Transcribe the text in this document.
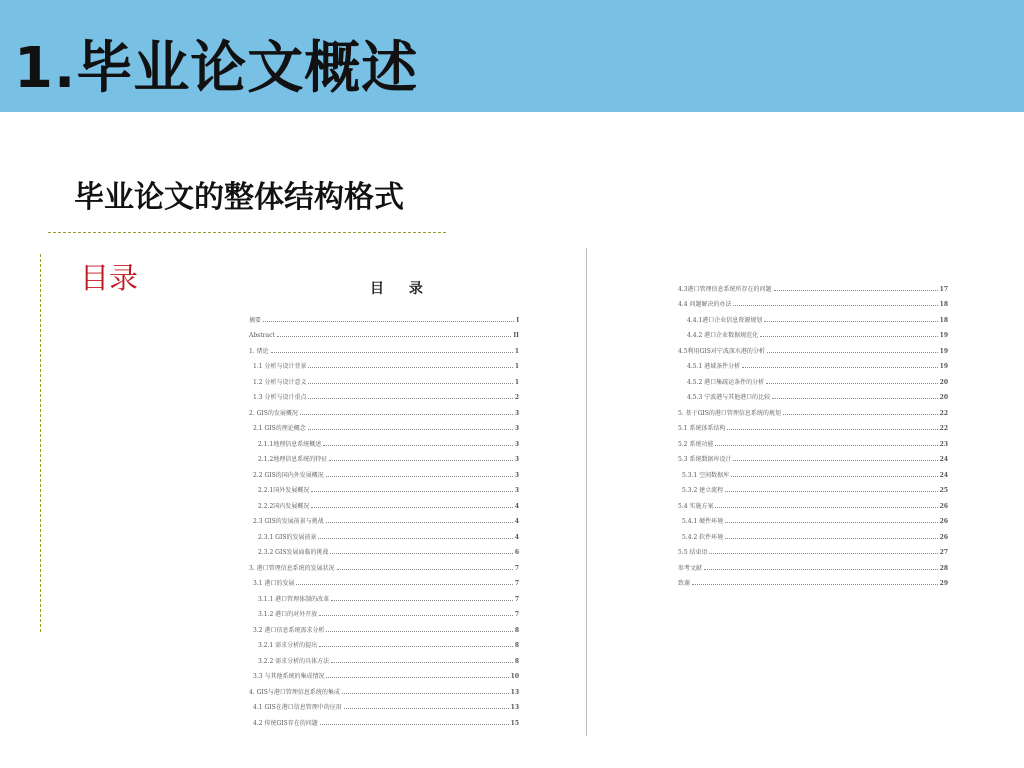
1.毕业论文概述
毕业论文的整体结构格式
目录	目 录
摘要	I
Abstract	II
1. 绪论	1
1.1 分析与设计背景	1
1.2 分析与设计意义	1
1.3 分析与设计重点	2
2. GIS的发展概况	3
2.1 GIS的理论概念	3
2.1.1地理信息系统概述	3
2.1.2地理信息系统的特征	3
2.2 GIS的国内外发展概况	3
2.2.1国外发展概况	3
2.2.2国内发展概况	4
2.3 GIS的发展前景与挑战	4
2.3.1 GIS的发展前景	4
2.3.2 GIS发展面临的挑战	6
3. 港口管理信息系统的发展状况	7
3.1 港口的发展	7
3.1.1 港口管理体制的改革	7
3.1.2 港口的对外开放	7
3.2 港口信息系统需求分析	8
3.2.1 需求分析的提出	8
3.2.2 需求分析的具体方法	8
3.3 与其他系统的集成情况	10
4. GIS与港口管理信息系统的集成	13
4.1 GIS在港口信息管理中的应用	13
4.2 传统GIS存在的问题	15
4.3港口管理信息系统所存在的问题	17
4.4 问题解决的办法	18
4.4.1港口企业信息资源规划	18
4.4.2 港口企业数据规范化	19
4.5利用GIS对宁波深水港的分析	19
4.5.1 港域条件分析	19
4.5.2 港口集疏运条件的分析	20
4.5.3 宁波港与其他港口的比较	20
5. 基于GIS的港口管理信息系统的规划	22
5.1 系统体系结构	22
5.2 系统功能	23
5.3 系统数据库设计	24
5.3.1 空间数据库	24
5.3.2 建立流程	25
5.4 实施方案	26
5.4.1 硬件环境	26
5.4.2 软件环境	26
5.5 结束语	27
参考文献	28
致谢	29
